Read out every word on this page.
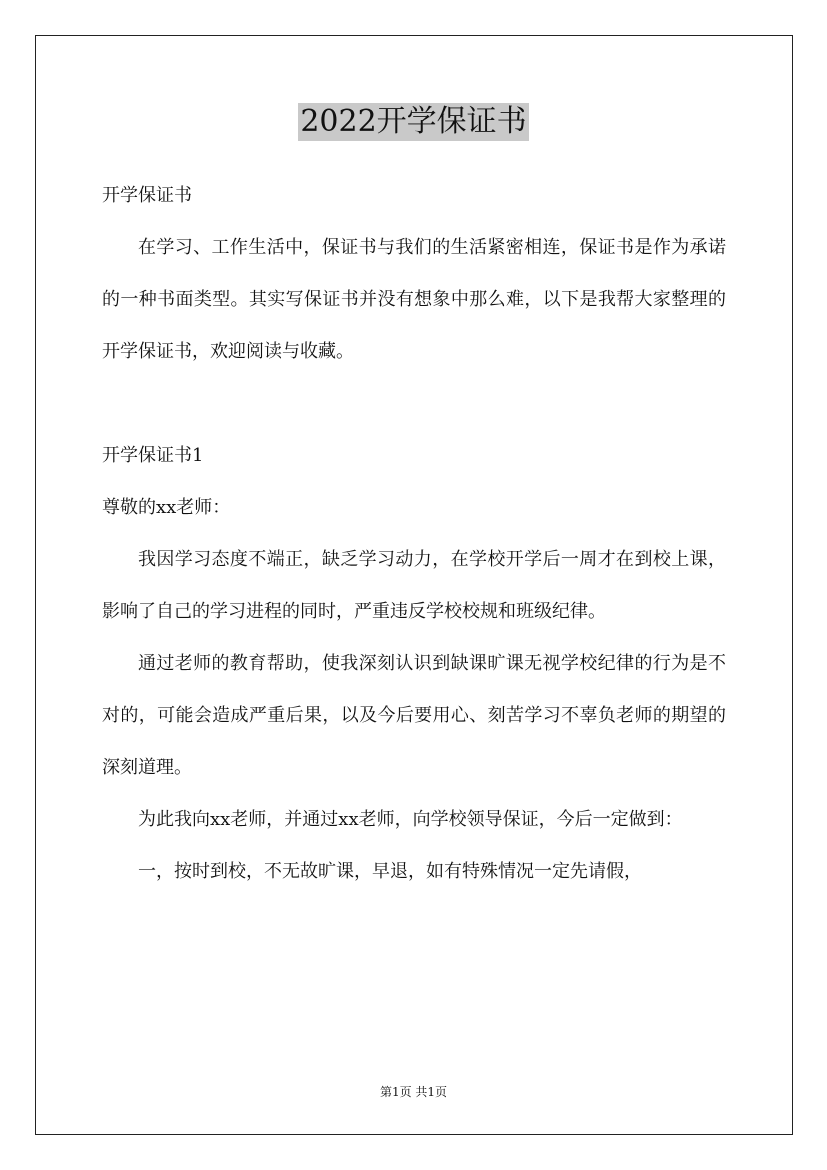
2022开学保证书

开学保证书

在学习、工作生活中，保证书与我们的生活紧密相连，保证书是作为承诺的一种书面类型。其实写保证书并没有想象中那么难，以下是我帮大家整理的开学保证书，欢迎阅读与收藏。

开学保证书1

尊敬的xx老师：

我因学习态度不端正，缺乏学习动力，在学校开学后一周才在到校上课，影响了自己的学习进程的同时，严重违反学校校规和班级纪律。

通过老师的教育帮助，使我深刻认识到缺课旷课无视学校纪律的行为是不对的，可能会造成严重后果，以及今后要用心、刻苦学习不辜负老师的期望的深刻道理。

为此我向xx老师，并通过xx老师，向学校领导保证，今后一定做到：

一，按时到校，不无故旷课，早退，如有特殊情况一定先请假，

第1页 共1页
